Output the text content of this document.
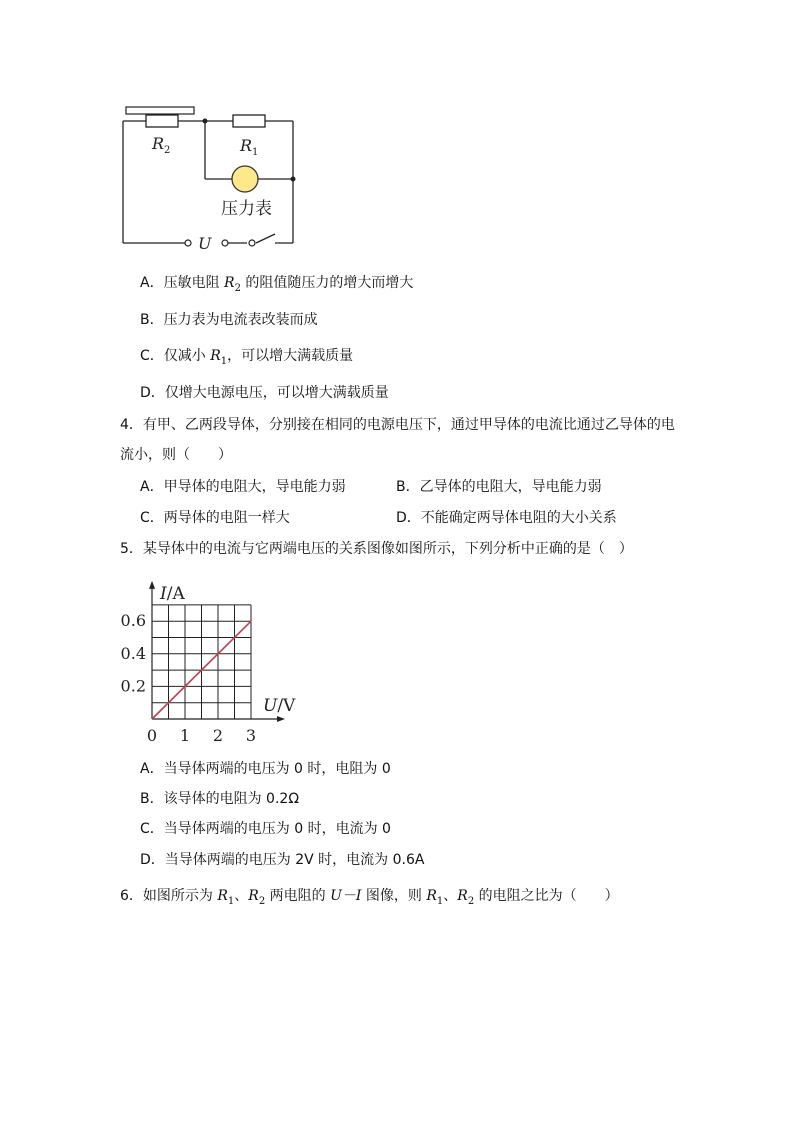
$R_2$	$R_1$
压力表
U
A．压敏电阻 $R_2$ 的阻值随压力的增大而增大
B．压力表为电流表改装而成
C．仅减小 $R_1$，可以增大满载质量
D．仅增大电源电压，可以增大满载质量
4．有甲、乙两段导体，分别接在相同的电源电压下，通过甲导体的电流比通过乙导体的电
流小，则（　　）
A．甲导体的电阻大，导电能力弱	B．乙导体的电阻大，导电能力弱
C．两导体的电阻一样大	D．不能确定两导体电阻的大小关系
5．某导体中的电流与它两端电压的关系图像如图所示，下列分析中正确的是（　）
0 1 2 3
0.2
0.4
0.6
I/A
U/V
A．当导体两端的电压为 0 时，电阻为 0
B．该导体的电阻为 0.2Ω
C．当导体两端的电压为 0 时，电流为 0
D．当导体两端的电压为 2V 时，电流为 0.6A
6．如图所示为 $R_1$、$R_2$ 两电阻的 U－I 图像，则 $R_1$、$R_2$ 的电阻之比为（　　）
